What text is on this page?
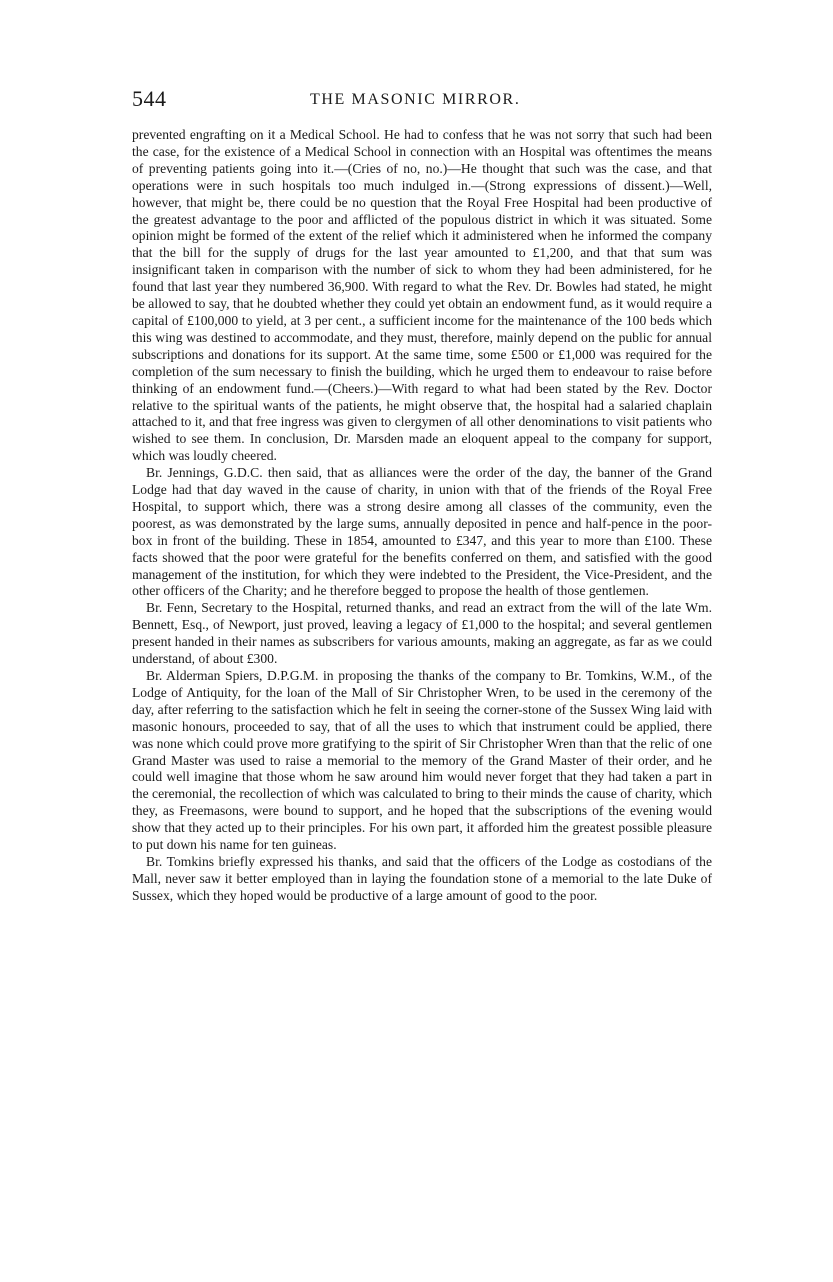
544	THE MASONIC MIRROR.

prevented engrafting on it a Medical School. He had to confess that he was not sorry that such had been the case, for the existence of a Medical School in connection with an Hospital was oftentimes the means of preventing patients going into it.—(Cries of no, no.)—He thought that such was the case, and that operations were in such hospitals too much indulged in.—(Strong expressions of dissent.)—Well, however, that might be, there could be no question that the Royal Free Hospital had been productive of the greatest advantage to the poor and afflicted of the populous district in which it was situated. Some opinion might be formed of the extent of the relief which it administered when he informed the company that the bill for the supply of drugs for the last year amounted to £1,200, and that that sum was insignificant taken in comparison with the number of sick to whom they had been administered, for he found that last year they numbered 36,900. With regard to what the Rev. Dr. Bowles had stated, he might be allowed to say, that he doubted whether they could yet obtain an endowment fund, as it would require a capital of £100,000 to yield, at 3 per cent., a sufficient income for the maintenance of the 100 beds which this wing was destined to accommodate, and they must, therefore, mainly depend on the public for annual subscriptions and donations for its support. At the same time, some £500 or £1,000 was required for the completion of the sum necessary to finish the building, which he urged them to endeavour to raise before thinking of an endowment fund.—(Cheers.)—With regard to what had been stated by the Rev. Doctor relative to the spiritual wants of the patients, he might observe that, the hospital had a salaried chaplain attached to it, and that free ingress was given to clergymen of all other denominations to visit patients who wished to see them. In conclusion, Dr. Marsden made an eloquent appeal to the company for support, which was loudly cheered.

Br. Jennings, G.D.C. then said, that as alliances were the order of the day, the banner of the Grand Lodge had that day waved in the cause of charity, in union with that of the friends of the Royal Free Hospital, to support which, there was a strong desire among all classes of the community, even the poorest, as was demonstrated by the large sums, annually deposited in pence and half-pence in the poor-box in front of the building. These in 1854, amounted to £347, and this year to more than £100. These facts showed that the poor were grateful for the benefits conferred on them, and satisfied with the good management of the institution, for which they were indebted to the President, the Vice-President, and the other officers of the Charity; and he therefore begged to propose the health of those gentlemen.

Br. Fenn, Secretary to the Hospital, returned thanks, and read an extract from the will of the late Wm. Bennett, Esq., of Newport, just proved, leaving a legacy of £1,000 to the hospital; and several gentlemen present handed in their names as subscribers for various amounts, making an aggregate, as far as we could understand, of about £300.

Br. Alderman Spiers, D.P.G.M. in proposing the thanks of the company to Br. Tomkins, W.M., of the Lodge of Antiquity, for the loan of the Mall of Sir Christopher Wren, to be used in the ceremony of the day, after referring to the satisfaction which he felt in seeing the corner-stone of the Sussex Wing laid with masonic honours, proceeded to say, that of all the uses to which that instrument could be applied, there was none which could prove more gratifying to the spirit of Sir Christopher Wren than that the relic of one Grand Master was used to raise a memorial to the memory of the Grand Master of their order, and he could well imagine that those whom he saw around him would never forget that they had taken a part in the ceremonial, the recollection of which was calculated to bring to their minds the cause of charity, which they, as Freemasons, were bound to support, and he hoped that the subscriptions of the evening would show that they acted up to their principles. For his own part, it afforded him the greatest possible pleasure to put down his name for ten guineas.

Br. Tomkins briefly expressed his thanks, and said that the officers of the Lodge as costodians of the Mall, never saw it better employed than in laying the foundation stone of a memorial to the late Duke of Sussex, which they hoped would be productive of a large amount of good to the poor.
